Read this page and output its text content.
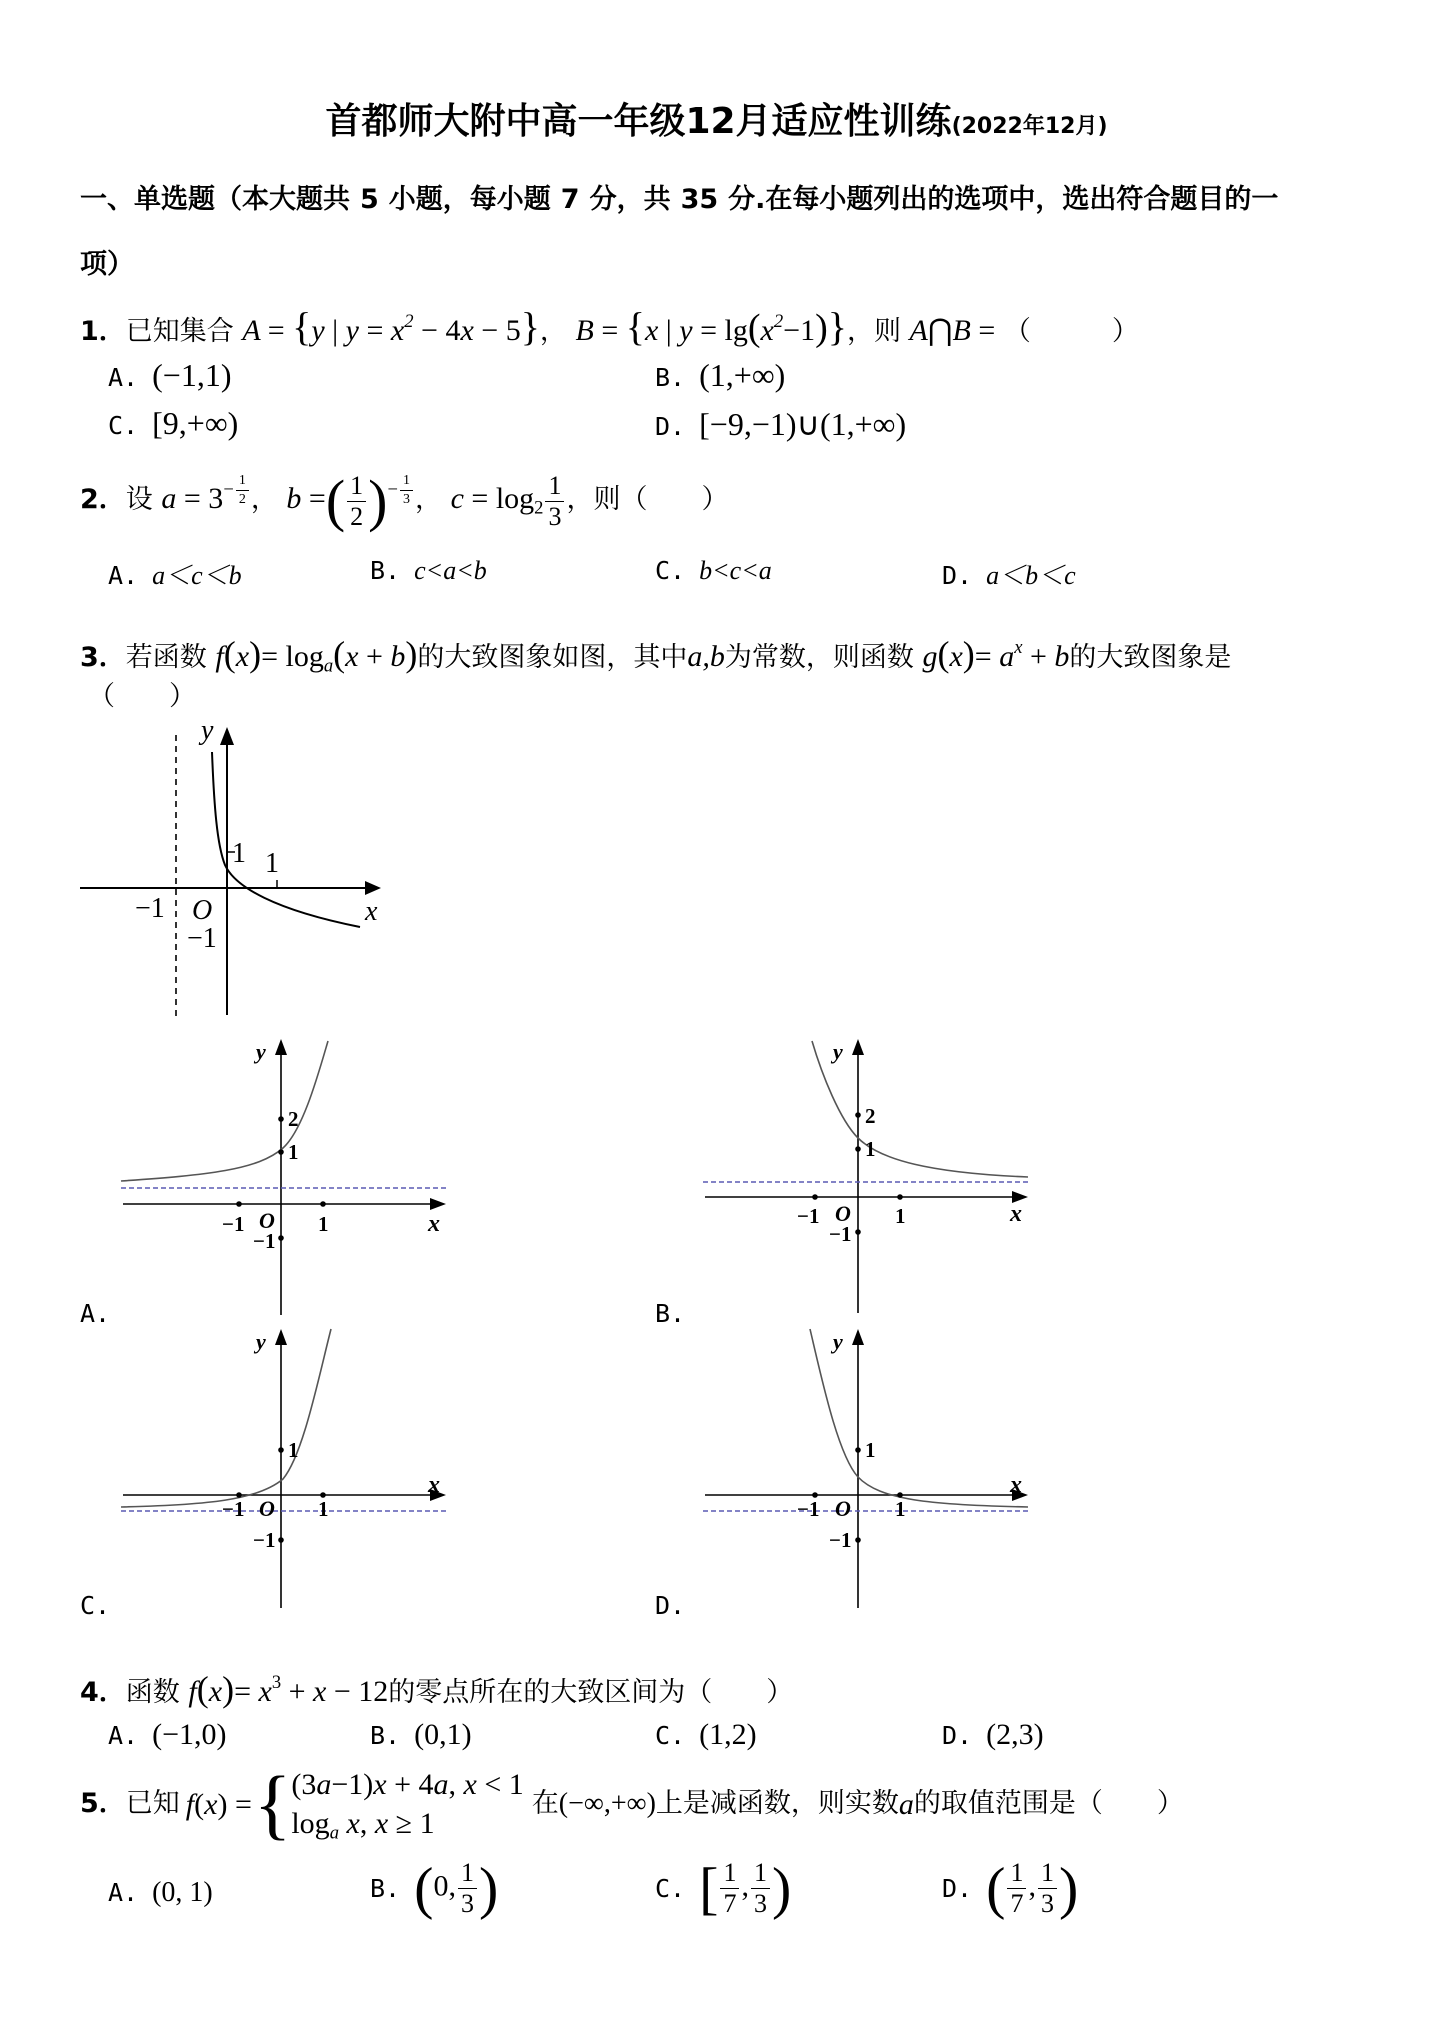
首都师大附中高一年级12月适应性训练(2022年12月)
一、单选题（本大题共 5 小题，每小题 7 分，共 35 分.在每小题列出的选项中，选出符合题目的一
项）
1．已知集合 A = {y | $y = x^2 - 4x - 5$}， B = {x | $y = \lg(x^2-1)$}，则 A⋂B = （　　　）
A. (−1,1)	B. (1,+∞)
C. [9,+∞)	D. [−9,−1)∪(1,+∞)
2．设 $a = 3^{- \frac{1}{2}}$ ， b =( $\frac{1}{2} )^{- \frac{1}{3}}$ ， $c = \log_2 \frac{1}{3}$ ，则（　　）
A. a＜c＜b	B. c<a<b	C. b<c<a	D. a＜b＜c
3．若函数 $f(x)= \log_a(x + b)$的大致图象如图，其中a,b为常数，则函数 $g(x)= a^x + b$的大致图象是
（　　）
y
x
O
−1
1
−1
1
y
x
O
2
1
−1
−1	1
A.
y
x
O
2
1
−1
−1	1
B.
y
x
O
1
−1
−1	1
C.
y
x
O
1
−1
−1	1
D.
4．函数 $f(x)= x^3 + x - 12$的零点所在的大致区间为（　　）
A. (−1,0)	B. (0,1)	C. (1,2)	D. (2,3)
5． 已知 f(x) = { (3a−1)x + 4a, x < 1
$\log_a x$, x ≥ 1
在 (−∞,+∞) 上是减函数，则实数 a 的取值范围是（　　）
A. (0, 1)	B. (0, $\frac{1}{3}$ )	C. [ $\frac{1}{7}$ , $\frac{1}{3}$ )	D. ( $\frac{1}{7}$ , $\frac{1}{3}$ )
